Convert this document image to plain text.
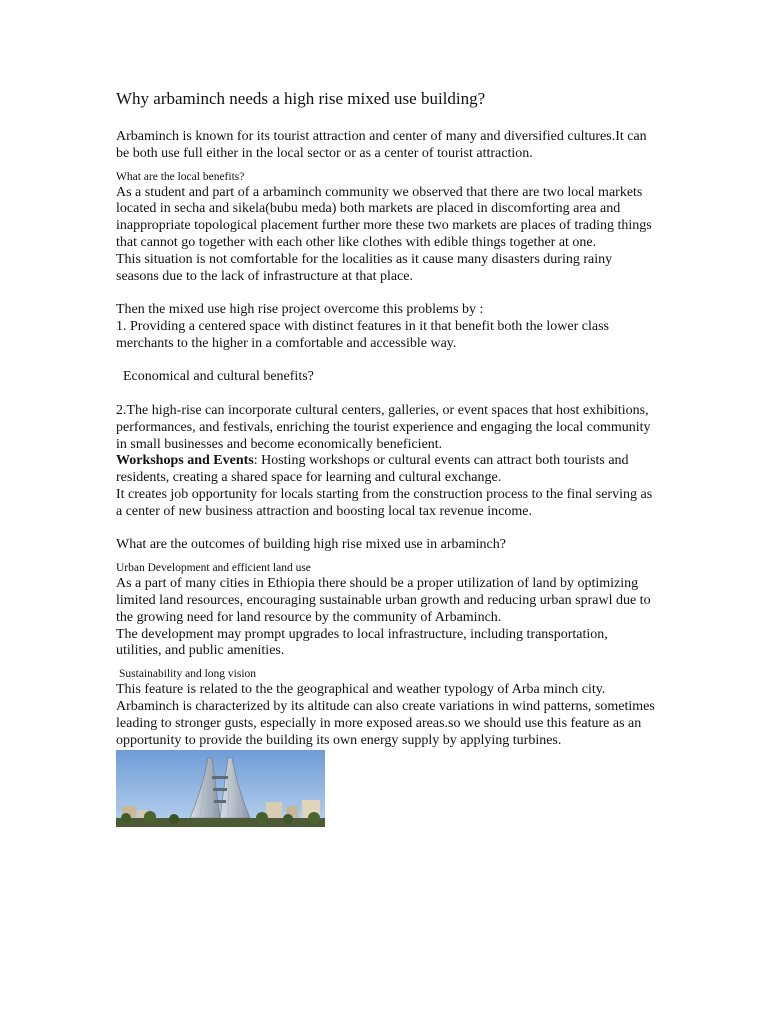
Why arbaminch needs a high rise mixed use building?

Arbaminch is known for its tourist attraction and center of many and diversified cultures.It can be both use full either in the local sector or as a center of tourist attraction.

What are the local benefits?

As a student and part of a arbaminch community we observed that there are two local markets located in secha and sikela(bubu meda) both markets are placed in discomforting area and inappropriate topological placement further more these two markets are places of trading things that cannot go together with each other like clothes with edible things together at one.

This situation is not comfortable for the localities as it cause many disasters during rainy seasons due to the lack of infrastructure at that place.

Then the mixed use high rise project overcome this problems by :

1. Providing a centered space with distinct features in it that benefit both the lower class merchants to the higher in a comfortable and accessible way.

Economical and cultural benefits?

2.The high-rise can incorporate cultural centers, galleries, or event spaces that host exhibitions, performances, and festivals, enriching the tourist experience and engaging the local community in small businesses and become economically beneficient.

Workshops and Events: Hosting workshops or cultural events can attract both tourists and residents, creating a shared space for learning and cultural exchange.

It creates job opportunity for locals starting from the construction process to the final serving as a center of new business attraction and boosting local tax revenue income.

What are the outcomes of building high rise mixed use in arbaminch?

Urban Development and efficient land use

As a part of many cities in Ethiopia there should be a proper utilization of land by optimizing limited land resources, encouraging sustainable urban growth and reducing urban sprawl due to the growing need for land resource by the community of Arbaminch.

The development may prompt upgrades to local infrastructure, including transportation, utilities, and public amenities.

Sustainability and long vision

This feature is related to the the geographical and weather typology of Arba minch city. Arbaminch is characterized by its altitude can also create variations in wind patterns, sometimes leading to stronger gusts, especially in more exposed areas.so we should use this feature as an opportunity to provide the building its own energy supply by applying turbines.
